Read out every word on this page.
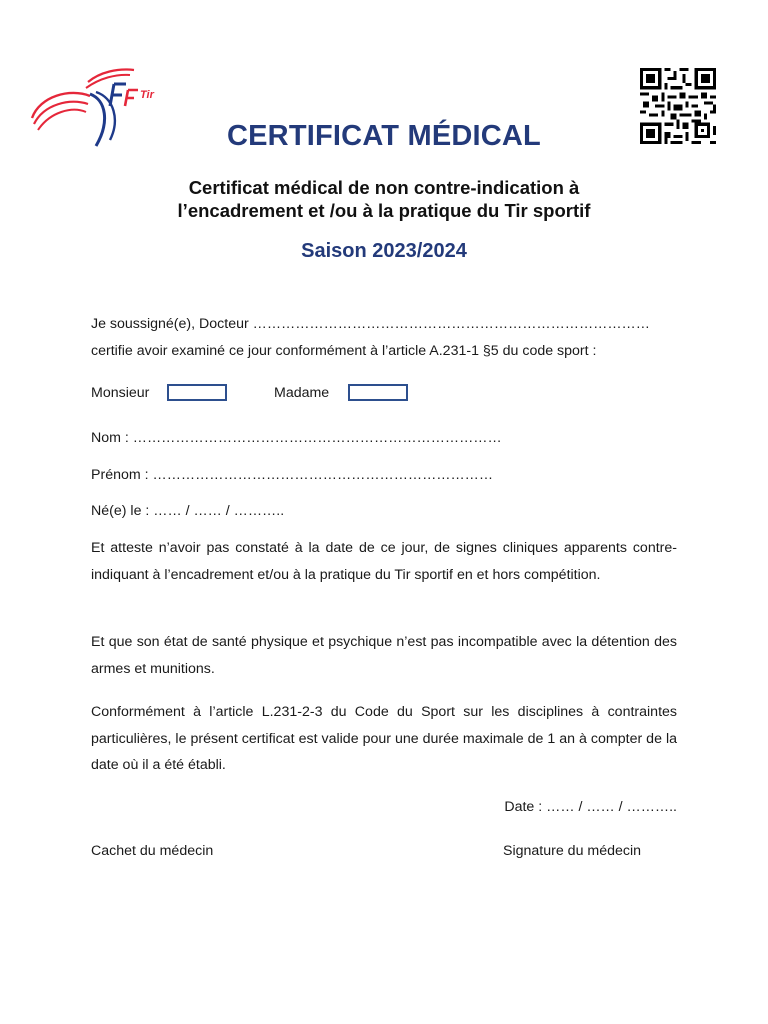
Tir
CERTIFICAT MÉDICAL
Certificat médical de non contre-indication à
l’encadrement et /ou à la pratique du Tir sportif
Saison 2023/2024
Je soussigné(e), Docteur …………………………………………………………………………
certifie avoir examiné ce jour conformément à l’article A.231-1 §5 du code sport :
Monsieur	Madame
Nom : ……………………………………………………………………
Prénom : ………………………………………………………………
Né(e) le : …… / …… / ………..
Et atteste n’avoir pas constaté à la date de ce jour, de signes cliniques apparents contre-indiquant à l’encadrement et/ou à la pratique du Tir sportif en et hors compétition.
Et que son état de santé physique et psychique n’est pas incompatible avec la détention des armes et munitions.
Conformément à l’article L.231-2-3 du Code du Sport sur les disciplines à contraintes particulières, le présent certificat est valide pour une durée maximale de 1 an à compter de la date où il a été établi.
Date : …… / …… / ………..
Cachet du médecin	Signature du médecin
